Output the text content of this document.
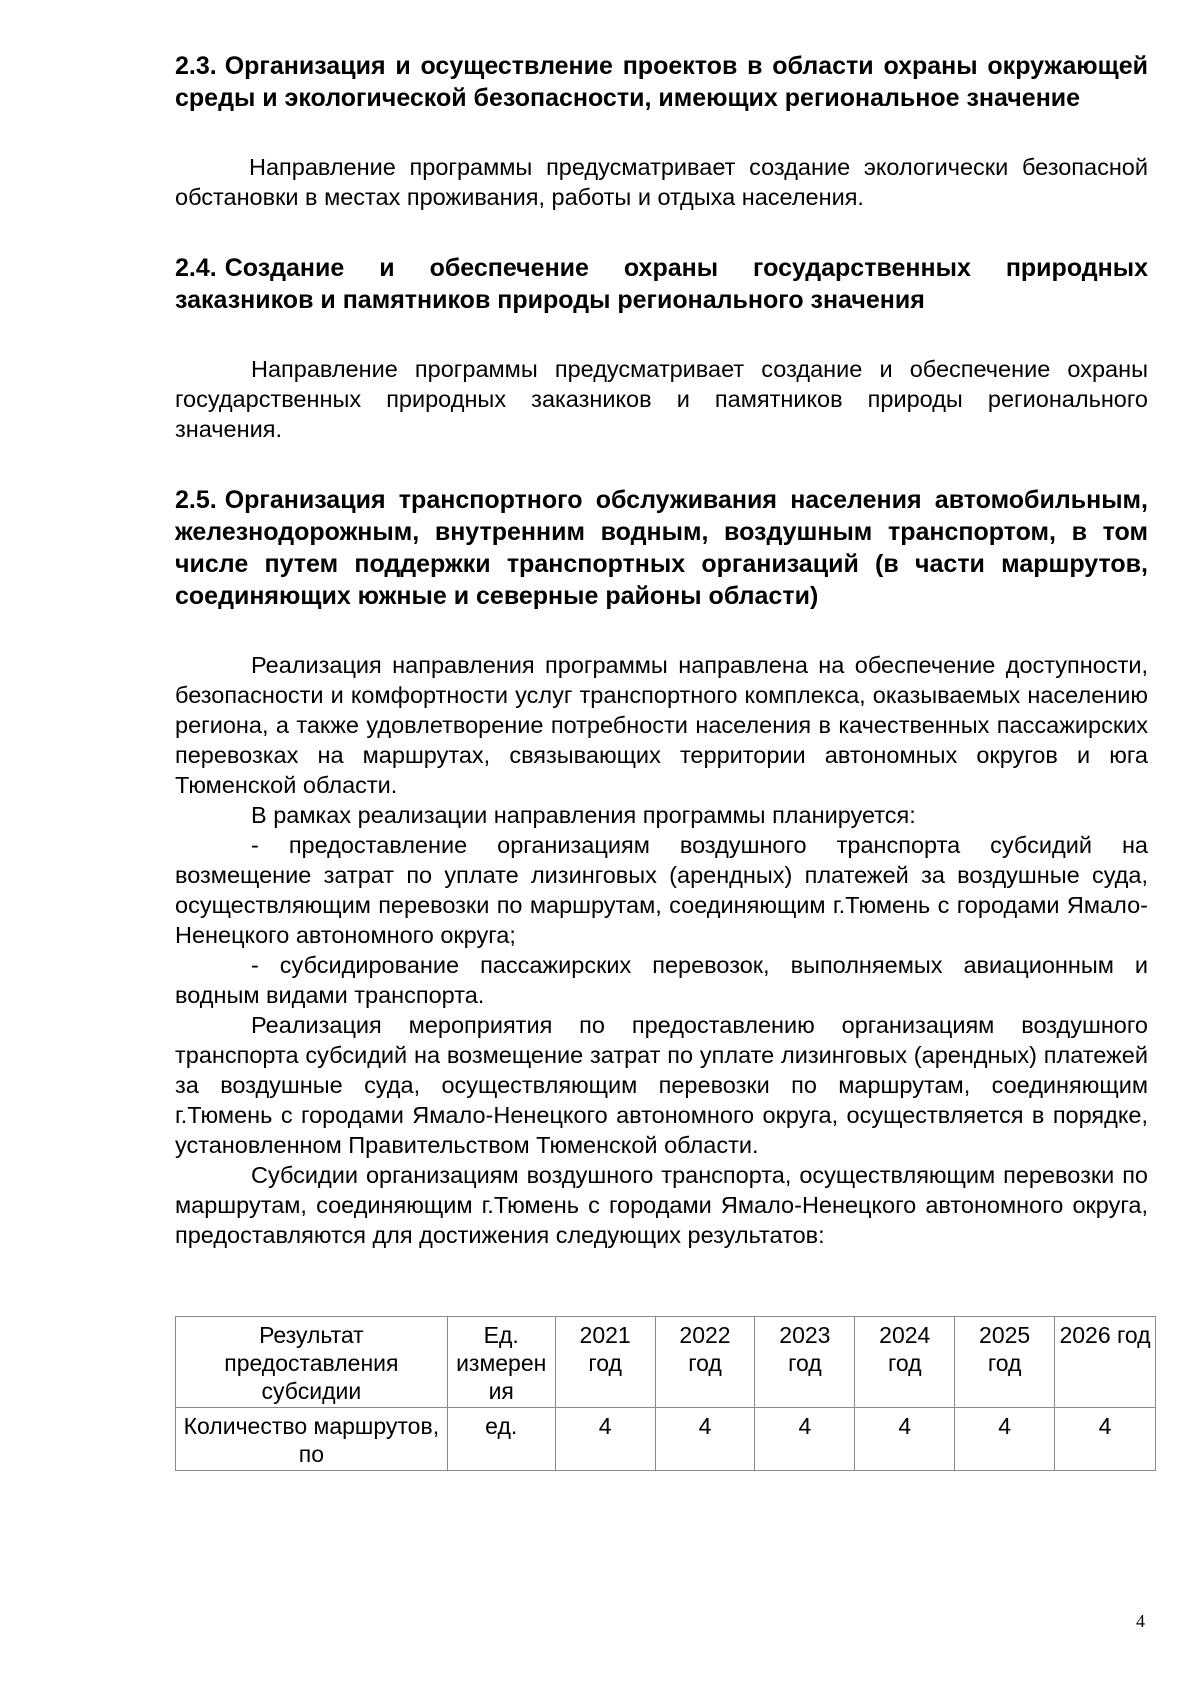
2.3. Организация и осуществление проектов в области охраны окружающей среды и экологической безопасности, имеющих региональное значение

Направление программы предусматривает создание экологически безопасной обстановки в местах проживания, работы и отдыха населения.

2.4. Создание и обеспечение охраны государственных природных заказников и памятников природы регионального значения

Направление программы предусматривает создание и обеспечение охраны государственных природных заказников и памятников природы регионального значения.

2.5. Организация транспортного обслуживания населения автомобильным, железнодорожным, внутренним водным, воздушным транспортом, в том числе путем поддержки транспортных организаций (в части маршрутов, соединяющих южные и северные районы области)

Реализация направления программы направлена на обеспечение доступности, безопасности и комфортности услуг транспортного комплекса, оказываемых населению региона, а также удовлетворение потребности населения в качественных пассажирских перевозках на маршрутах, связывающих территории автономных округов и юга Тюменской области.

В рамках реализации направления программы планируется:

- предоставление организациям воздушного транспорта субсидий на возмещение затрат по уплате лизинговых (арендных) платежей за воздушные суда, осуществляющим перевозки по маршрутам, соединяющим г.Тюмень с городами Ямало-Ненецкого автономного округа;

- субсидирование пассажирских перевозок, выполняемых авиационным и водным видами транспорта.

Реализация мероприятия по предоставлению организациям воздушного транспорта субсидий на возмещение затрат по уплате лизинговых (арендных) платежей за воздушные суда, осуществляющим перевозки по маршрутам, соединяющим г.Тюмень с городами Ямало-Ненецкого автономного округа, осуществляется в порядке, установленном Правительством Тюменской области.

Субсидии организациям воздушного транспорта, осуществляющим перевозки по маршрутам, соединяющим г.Тюмень с городами Ямало-Ненецкого автономного округа, предоставляются для достижения следующих результатов:

Результат предоставления субсидии	Ед. измерен ия	2021 год	2022 год	2023 год	2024 год	2025 год	2026 год
Количество маршрутов, по	ед.	4	4	4	4	4	4
4
